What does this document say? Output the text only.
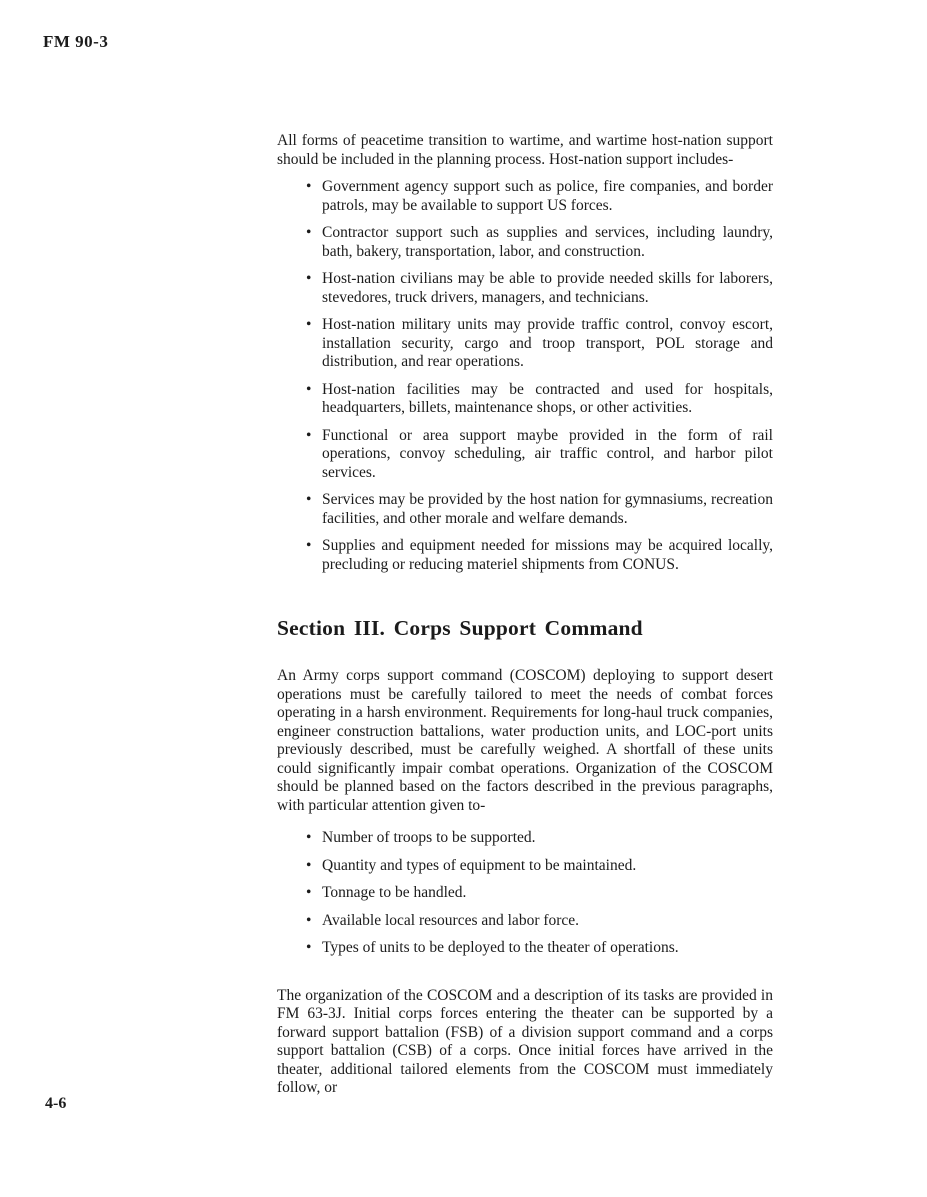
FM 90-3

All forms of peacetime transition to wartime, and wartime host-nation support should be included in the planning process. Host-nation support includes-

• Government agency support such as police, fire companies, and border patrols, may be available to support US forces.
• Contractor support such as supplies and services, including laundry, bath, bakery, transportation, labor, and construction.
• Host-nation civilians may be able to provide needed skills for laborers, stevedores, truck drivers, managers, and technicians.
• Host-nation military units may provide traffic control, convoy escort, installation security, cargo and troop transport, POL storage and distribution, and rear operations.
• Host-nation facilities may be contracted and used for hospitals, headquarters, billets, maintenance shops, or other activities.
• Functional or area support maybe provided in the form of rail operations, convoy scheduling, air traffic control, and harbor pilot services.
• Services may be provided by the host nation for gymnasiums, recreation facilities, and other morale and welfare demands.
• Supplies and equipment needed for missions may be acquired locally, precluding or reducing materiel shipments from CONUS.
Section III. Corps Support Command

An Army corps support command (COSCOM) deploying to support desert operations must be carefully tailored to meet the needs of combat forces operating in a harsh environment. Requirements for long-haul truck companies, engineer construction battalions, water production units, and LOC-port units previously described, must be carefully weighed. A shortfall of these units could significantly impair combat operations. Organization of the COSCOM should be planned based on the factors described in the previous paragraphs, with particular attention given to-

• Number of troops to be supported.
• Quantity and types of equipment to be maintained.
• Tonnage to be handled.
• Available local resources and labor force.
• Types of units to be deployed to the theater of operations.

The organization of the COSCOM and a description of its tasks are provided in FM 63-3J. Initial corps forces entering the theater can be supported by a forward support battalion (FSB) of a division support command and a corps support battalion (CSB) of a corps. Once initial forces have arrived in the theater, additional tailored elements from the COSCOM must immediately follow, or

4-6
